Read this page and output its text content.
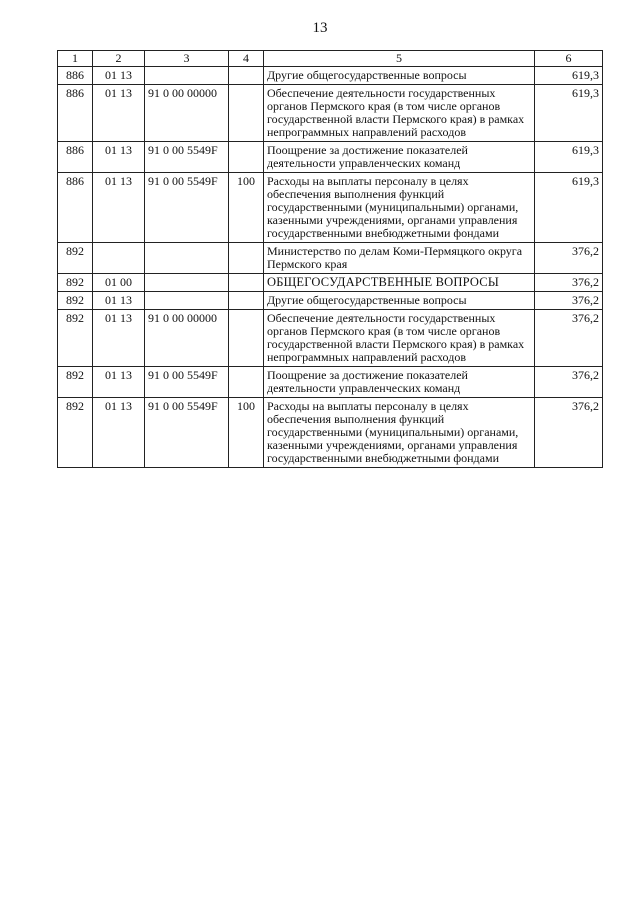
13
1	2	3	4	5	6
886	01 13			Другие общегосударственные вопросы	619,3
886	01 13	91 0 00 00000		Обеспечение деятельности государственных органов Пермского края (в том числе органов государственной власти Пермского края) в рамках непрограммных направлений расходов	619,3
886	01 13	91 0 00 5549F		Поощрение за достижение показателей деятельности управленческих команд	619,3
886	01 13	91 0 00 5549F	100	Расходы на выплаты персоналу в целях обеспечения выполнения функций государственными (муниципальными) органами, казенными учреждениями, органами управления государственными внебюджетными фондами	619,3
892				Министерство по делам Коми-Пермяцкого округа Пермского края	376,2
892	01 00			ОБЩЕГОСУДАРСТВЕННЫЕ ВОПРОСЫ	376,2
892	01 13			Другие общегосударственные вопросы	376,2
892	01 13	91 0 00 00000		Обеспечение деятельности государственных органов Пермского края (в том числе органов государственной власти Пермского края) в рамках непрограммных направлений расходов	376,2
892	01 13	91 0 00 5549F		Поощрение за достижение показателей деятельности управленческих команд	376,2
892	01 13	91 0 00 5549F	100	Расходы на выплаты персоналу в целях обеспечения выполнения функций государственными (муниципальными) органами, казенными учреждениями, органами управления государственными внебюджетными фондами	376,2
